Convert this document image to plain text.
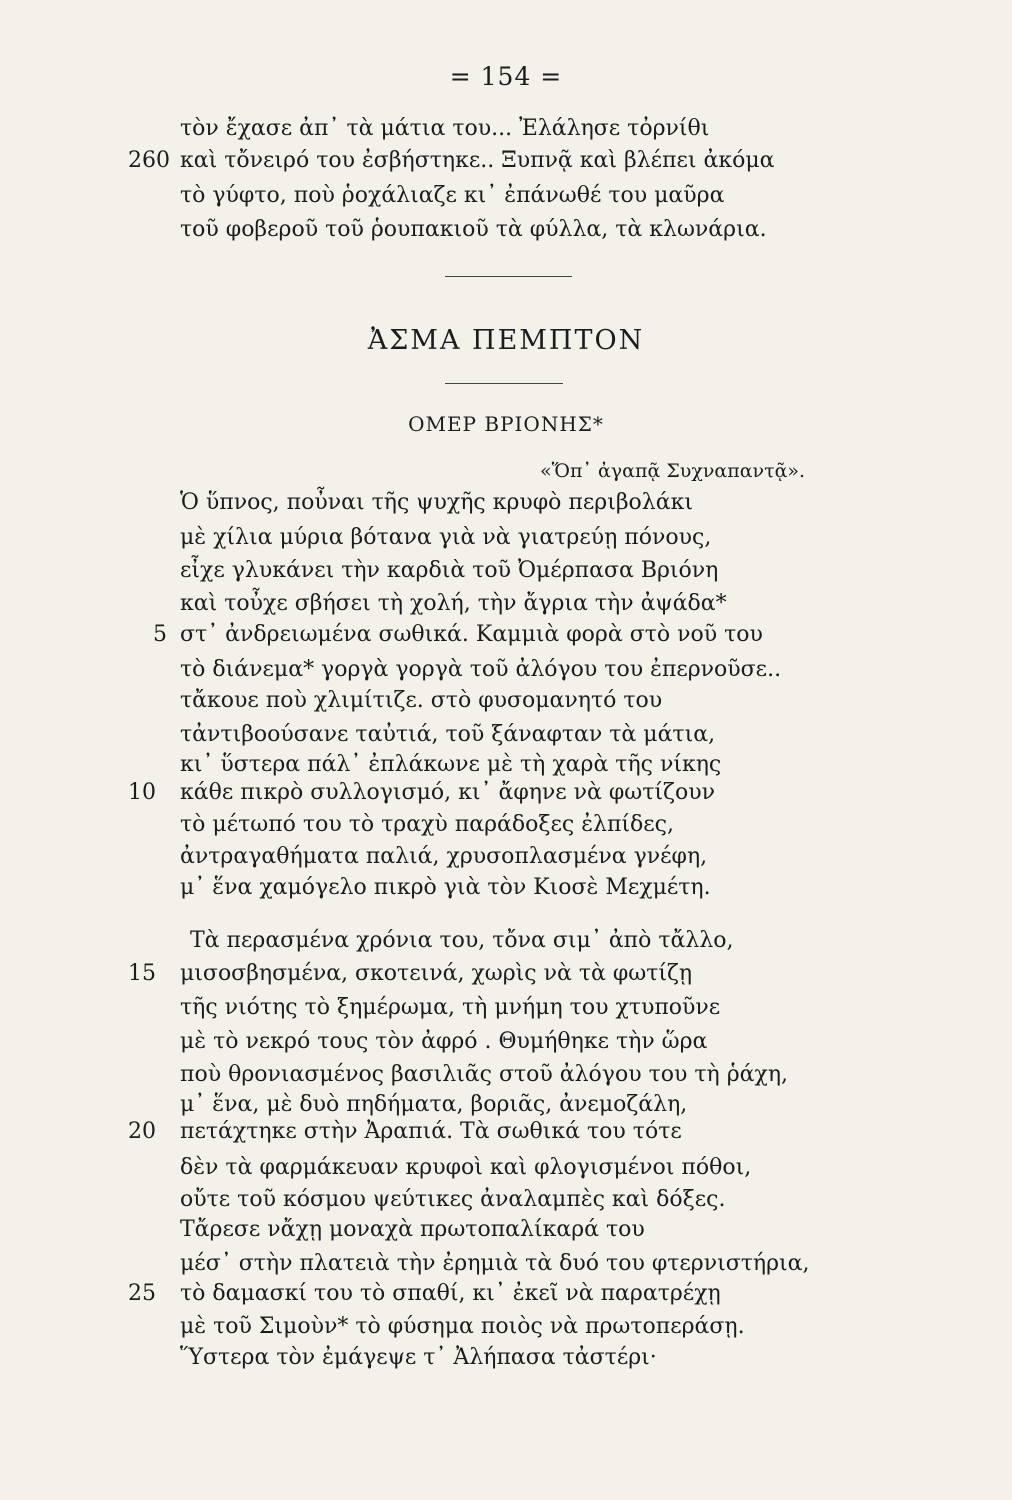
= 154 =
τὸν ἔχασε ἀπ᾿ τὰ μάτια του... Ἐλάλησε τὀρνίθι
260 καὶ τὄνειρό του ἐσβήστηκε.. Ξυπνᾷ καὶ βλέπει ἀκόμα
τὸ γύφτο, ποὺ ῥοχάλιαζε κι᾿ ἐπάνωθέ του μαῦρα
τοῦ φοβεροῦ τοῦ ῥουπακιοῦ τὰ φύλλα, τὰ κλωνάρια.
ἈΣΜΑ ΠΕΜΠΤΟΝ
ΟΜΕΡ ΒΡΙΟΝΗΣ*
«Ὅπ᾿ ἀγαπᾷ Συχναπαντᾷ».
Ὁ ὕπνος, ποὖναι τῆς ψυχῆς κρυφὸ περιβολάκι
μὲ χίλια μύρια βότανα γιὰ νὰ γιατρεύῃ πόνους,
εἶχε γλυκάνει τὴν καρδιὰ τοῦ Ὀμέρπασα Βριόνη
καὶ τοὖχε σβήσει τὴ χολή, τὴν ἄγρια τὴν ἀψάδα*
5 στ᾿ ἀνδρειωμένα σωθικά. Καμμιὰ φορὰ στὸ νοῦ του
τὸ διάνεμα* γοργὰ γοργὰ τοῦ ἀλόγου του ἐπερνοῦσε..
τἄκουε ποὺ χλιμίτιζε. στὸ φυσομανητό του
τἀντιβοούσανε ταὐτιά, τοῦ ξάναφταν τὰ μάτια,
κι᾿ ὕστερα πάλ᾿ ἐπλάκωνε μὲ τὴ χαρὰ τῆς νίκης
10	κάθε πικρὸ συλλογισμό, κι᾿ ἄφηνε νὰ φωτίζουν
τὸ μέτωπό του τὸ τραχὺ παράδοξες ἐλπίδες,
ἀντραγαθήματα παλιά, χρυσοπλασμένα γνέφη,
μ᾿ ἕνα χαμόγελο πικρὸ γιὰ τὸν Κιοσὲ Μεχμέτη.
Τὰ περασμένα χρόνια του, τὄνα σιμ᾿ ἀπὸ τἄλλο,
15	μισοσβησμένα, σκοτεινά, χωρὶς νὰ τὰ φωτίζῃ
τῆς νιότης τὸ ξημέρωμα, τὴ μνήμη του χτυποῦνε
μὲ τὸ νεκρό τους τὸν ἀφρό . Θυμήθηκε τὴν ὥρα
ποὺ θρονιασμένος βασιλιᾶς στοῦ ἀλόγου του τὴ ῥάχη,
μ᾿ ἕνα, μὲ δυὸ πηδήματα, βοριᾶς, ἀνεμοζάλη,
20	πετάχτηκε στὴν Ἀραπιά. Τὰ σωθικά του τότε
δὲν τὰ φαρμάκευαν κρυφοὶ καὶ φλογισμένοι πόθοι,
οὔτε τοῦ κόσμου ψεύτικες ἀναλαμπὲς καὶ δόξες.
Τἄρεσε νἄχῃ μοναχὰ πρωτοπαλίκαρά του
μέσ᾿ στὴν πλατειὰ τὴν ἐρημιὰ τὰ δυό του φτερνιστήρια,
25	τὸ δαμασκί του τὸ σπαθί, κι᾿ ἐκεῖ νὰ παρατρέχῃ
μὲ τοῦ Σιμοὺν* τὸ φύσημα ποιὸς νὰ πρωτοπεράσῃ.
Ὕστερα τὸν ἐμάγεψε τ᾿ Ἀλήπασα τἀστέρι·
